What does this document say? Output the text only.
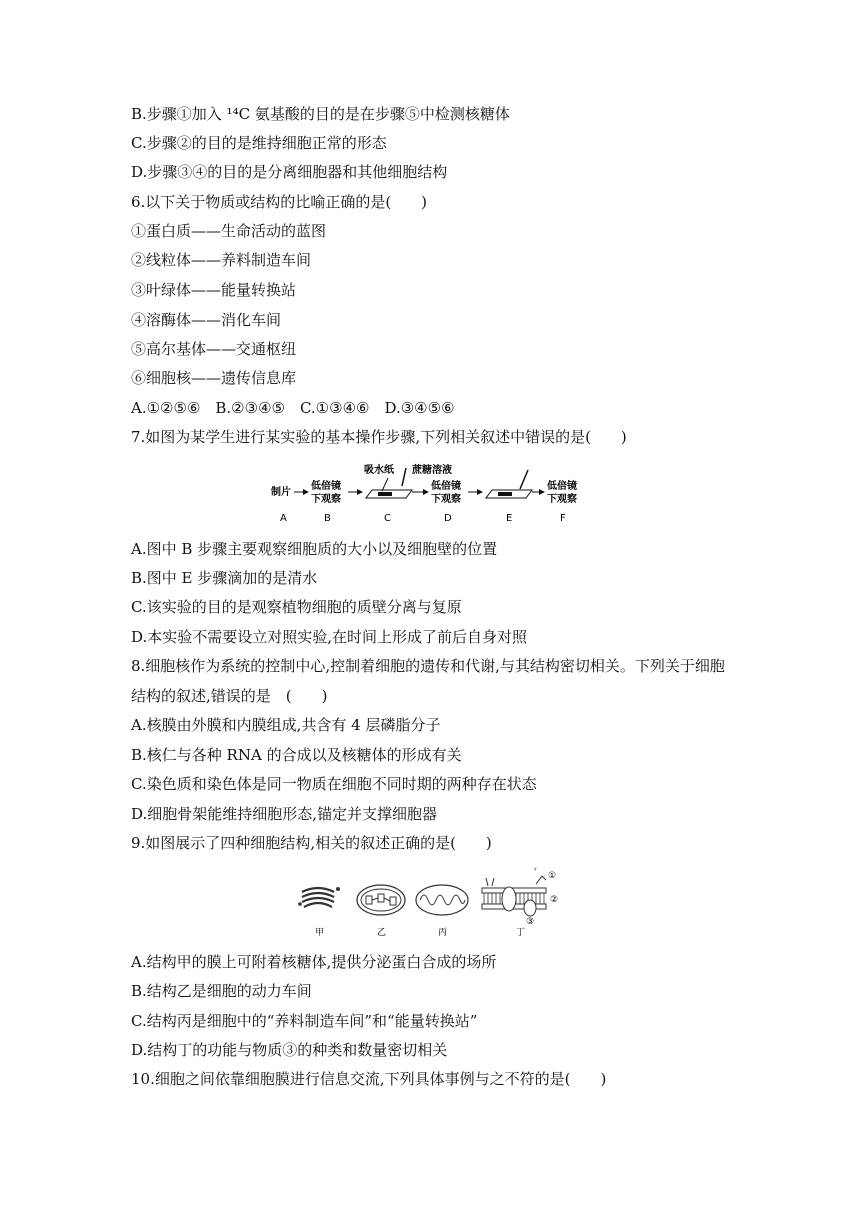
B.步骤①加入 ¹⁴C 氨基酸的目的是在步骤⑤中检测核糖体
C.步骤②的目的是维持细胞正常的形态
D.步骤③④的目的是分离细胞器和其他细胞结构
6.以下关于物质或结构的比喻正确的是(　　)
①蛋白质——生命活动的蓝图
②线粒体——养料制造车间
③叶绿体——能量转换站
④溶酶体——消化车间
⑤高尔基体——交通枢纽
⑥细胞核——遗传信息库
A.①②⑤⑥　B.②③④⑤　C.①③④⑥　D.③④⑤⑥
7.如图为某学生进行某实验的基本操作步骤,下列相关叙述中错误的是(　　)
A.图中 B 步骤主要观察细胞质的大小以及细胞壁的位置
B.图中 E 步骤滴加的是清水
C.该实验的目的是观察植物细胞的质壁分离与复原
D.本实验不需要设立对照实验,在时间上形成了前后自身对照
8.细胞核作为系统的控制中心,控制着细胞的遗传和代谢,与其结构密切相关。下列关于细胞
结构的叙述,错误的是　(　　)
A.核膜由外膜和内膜组成,共含有 4 层磷脂分子
B.核仁与各种 RNA 的合成以及核糖体的形成有关
C.染色质和染色体是同一物质在细胞不同时期的两种存在状态
D.细胞骨架能维持细胞形态,锚定并支撑细胞器
9.如图展示了四种细胞结构,相关的叙述正确的是(　　)
A.结构甲的膜上可附着核糖体,提供分泌蛋白合成的场所
B.结构乙是细胞的动力车间
C.结构丙是细胞中的“养料制造车间”和“能量转换站”
D.结构丁的功能与物质③的种类和数量密切相关
10.细胞之间依靠细胞膜进行信息交流,下列具体事例与之不符的是(　　)
制片
低倍镜
下观察
吸水纸 蔗糖溶液
低倍镜
下观察
低倍镜
下观察
A	B	C	D	E	F
ʸ
①
②
③
甲	乙	丙	丁
